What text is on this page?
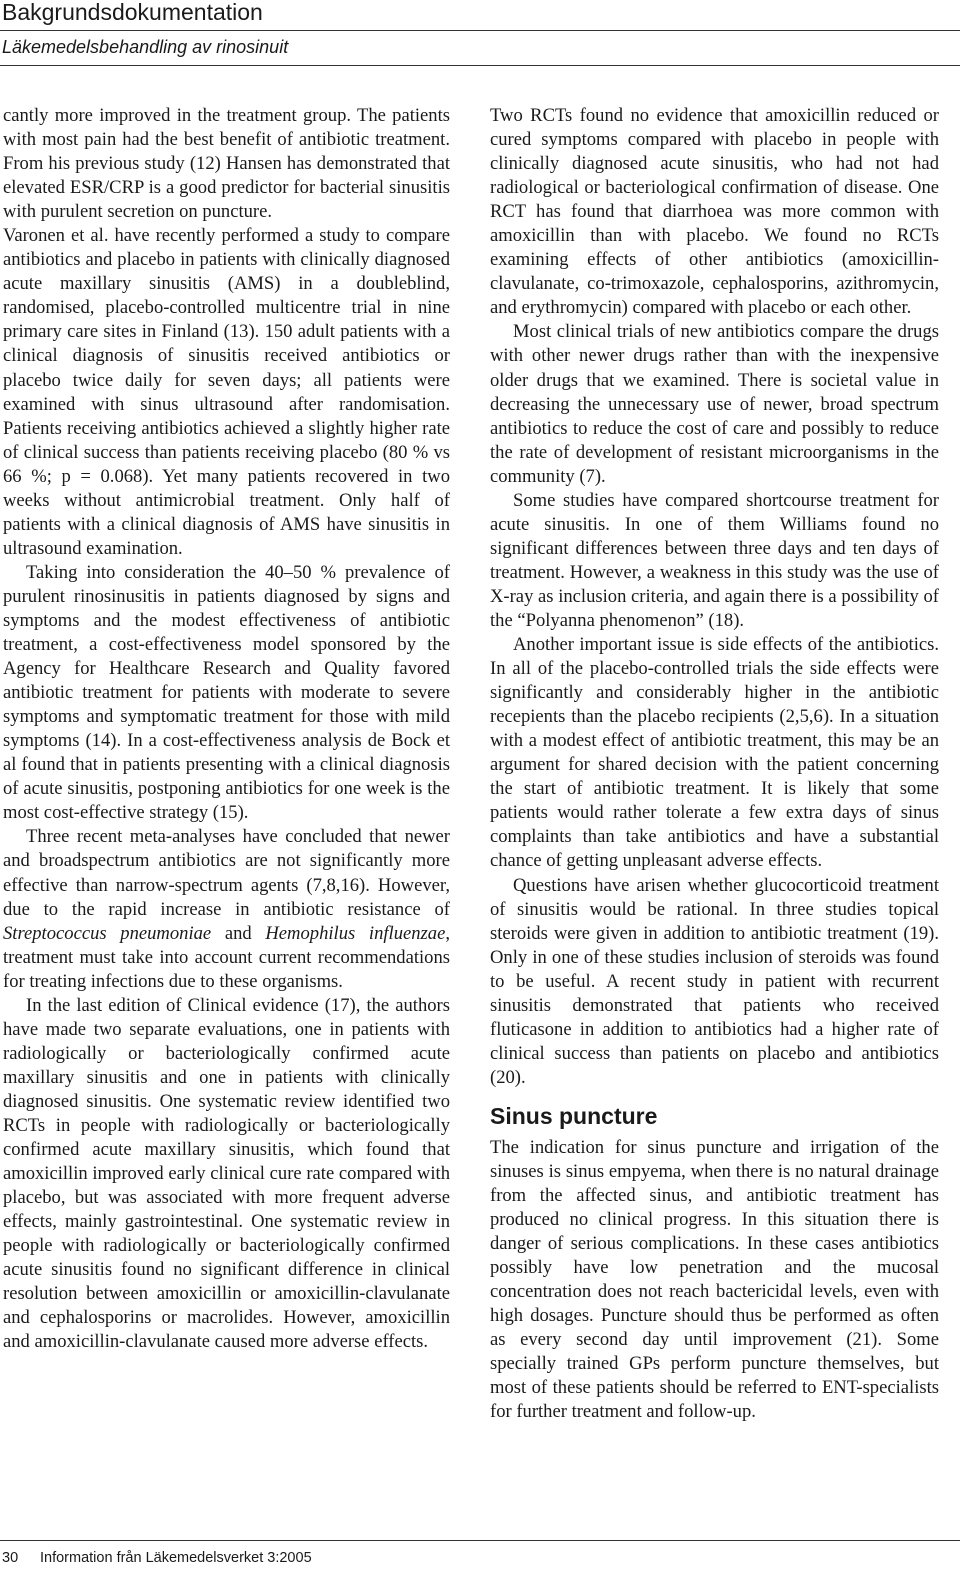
Bakgrundsdokumentation
Läkemedelsbehandling av rinosinuit

cantly more improved in the treatment group. The patients with most pain had the best benefit of antibiotic treatment. From his previous study (12) Hansen has demonstrated that elevated ESR/CRP is a good predictor for bacterial sinusitis with purulent secretion on puncture.

Varonen et al. have recently performed a study to compare antibiotics and placebo in patients with clinically diagnosed acute maxillary sinusitis (AMS) in a doubleblind, randomised, placebo-controlled multicentre trial in nine primary care sites in Finland (13). 150 adult patients with a clinical diagnosis of sinusitis received antibiotics or placebo twice daily for seven days; all patients were examined with sinus ultrasound after randomisation. Patients receiving antibiotics achieved a slightly higher rate of clinical success than patients receiving placebo (80 % vs 66 %; p = 0.068). Yet many patients recovered in two weeks without antimicrobial treatment. Only half of patients with a clinical diagnosis of AMS have sinusitis in ultrasound examination.

Taking into consideration the 40–50 % prevalence of purulent rinosinusitis in patients diagnosed by signs and symptoms and the modest effectiveness of antibiotic treatment, a cost-effectiveness model sponsored by the Agency for Healthcare Research and Quality favored antibiotic treatment for patients with moderate to severe symptoms and symptomatic treatment for those with mild symptoms (14). In a cost-effectiveness analysis de Bock et al found that in patients presenting with a clinical diagnosis of acute sinusitis, postponing antibiotics for one week is the most cost-effective strategy (15).

Three recent meta-analyses have concluded that newer and broadspectrum antibiotics are not significantly more effective than narrow-spectrum agents (7,8,16). However, due to the rapid increase in antibiotic resistance of Streptococcus pneumoniae and Hemophilus influenzae, treatment must take into account current recommendations for treating infections due to these organisms.

In the last edition of Clinical evidence (17), the authors have made two separate evaluations, one in patients with radiologically or bacteriologically confirmed acute maxillary sinusitis and one in patients with clinically diagnosed sinusitis. One systematic review identified two RCTs in people with radiologically or bacteriologically confirmed acute maxillary sinusitis, which found that amoxicillin improved early clinical cure rate compared with placebo, but was associated with more frequent adverse effects, mainly gastrointestinal. One systematic review in people with radiologically or bacteriologically confirmed acute sinusitis found no significant difference in clinical resolution between amoxicillin or amoxicillin-clavulanate and cephalosporins or macrolides. However, amoxicillin and amoxicillin-clavulanate caused more adverse effects.

Two RCTs found no evidence that amoxicillin reduced or cured symptoms compared with placebo in people with clinically diagnosed acute sinusitis, who had not had radiological or bacteriological confirmation of disease. One RCT has found that diarrhoea was more common with amoxicillin than with placebo. We found no RCTs examining effects of other antibiotics (amoxicillin-clavulanate, co-trimoxazole, cephalosporins, azithromycin, and erythromycin) compared with placebo or each other.

Most clinical trials of new antibiotics compare the drugs with other newer drugs rather than with the inexpensive older drugs that we examined. There is societal value in decreasing the unnecessary use of newer, broad spectrum antibiotics to reduce the cost of care and possibly to reduce the rate of development of resistant microorganisms in the community (7).

Some studies have compared shortcourse treatment for acute sinusitis. In one of them Williams found no significant differences between three days and ten days of treatment. However, a weakness in this study was the use of X-ray as inclusion criteria, and again there is a possibility of the “Polyanna phenomenon” (18).

Another important issue is side effects of the antibiotics. In all of the placebo-controlled trials the side effects were significantly and considerably higher in the antibiotic recepients than the placebo recipients (2,5,6). In a situation with a modest effect of antibiotic treatment, this may be an argument for shared decision with the patient concerning the start of antibiotic treatment. It is likely that some patients would rather tolerate a few extra days of sinus complaints than take antibiotics and have a substantial chance of getting unpleasant adverse effects.

Questions have arisen whether glucocorticoid treatment of sinusitis would be rational. In three studies topical steroids were given in addition to antibiotic treatment (19). Only in one of these studies inclusion of steroids was found to be useful. A recent study in patient with recurrent sinusitis demonstrated that patients who received fluticasone in addition to antibiotics had a higher rate of clinical success than patients on placebo and antibiotics (20).

Sinus puncture

The indication for sinus puncture and irrigation of the sinuses is sinus empyema, when there is no natural drainage from the affected sinus, and antibiotic treatment has produced no clinical progress. In this situation there is danger of serious complications. In these cases antibiotics possibly have low penetration and the mucosal concentration does not reach bactericidal levels, even with high dosages. Puncture should thus be performed as often as every second day until improvement (21). Some specially trained GPs perform puncture themselves, but most of these patients should be referred to ENT-specialists for further treatment and follow-up.

30 Information från Läkemedelsverket 3:2005
